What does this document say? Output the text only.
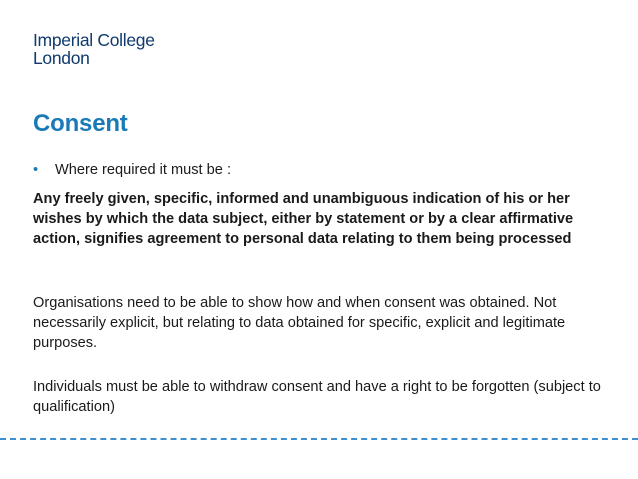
Imperial College
London
Consent
• Where required it must be :

Any freely given, specific, informed and unambiguous indication of his or her wishes by which the data subject, either by statement or by a clear affirmative action, signifies agreement to personal data relating to them being processed

Organisations need to be able to show how and when consent was obtained. Not necessarily explicit, but relating to data obtained for specific, explicit and legitimate purposes.

Individuals must be able to withdraw consent and have a right to be forgotten (subject to qualification)
